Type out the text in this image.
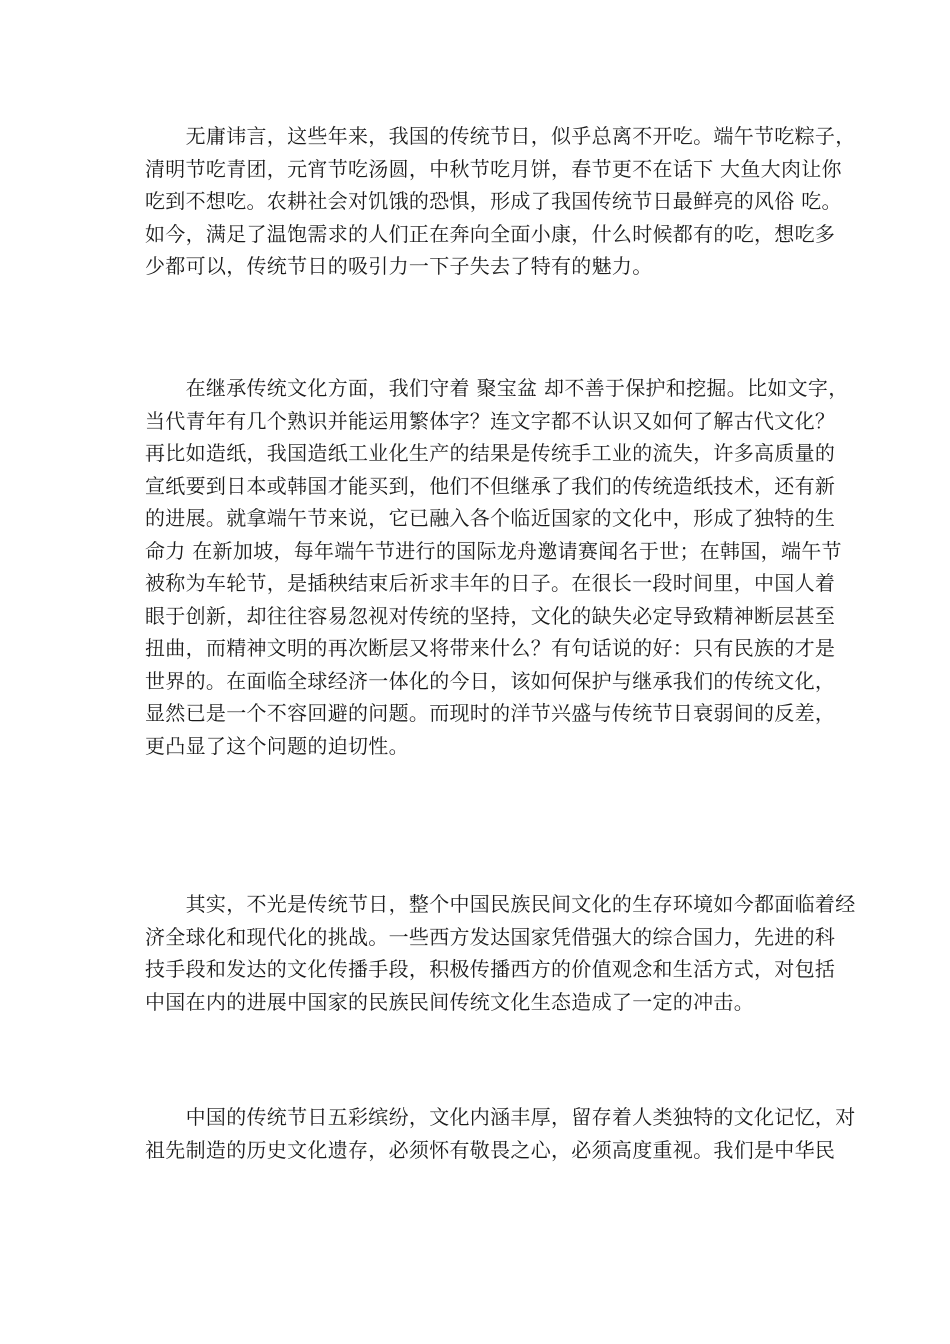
　　无庸讳言，这些年来，我国的传统节日，似乎总离不开吃。端午节吃粽子，
清明节吃青团，元宵节吃汤圆，中秋节吃月饼，春节更不在话下 大鱼大肉让你
吃到不想吃。农耕社会对饥饿的恐惧，形成了我国传统节日最鲜亮的风俗 吃。
如今，满足了温饱需求的人们正在奔向全面小康，什么时候都有的吃，想吃多
少都可以，传统节日的吸引力一下子失去了特有的魅力。

　　在继承传统文化方面，我们守着 聚宝盆 却不善于保护和挖掘。比如文字，
当代青年有几个熟识并能运用繁体字？连文字都不认识又如何了解古代文化？
再比如造纸，我国造纸工业化生产的结果是传统手工业的流失，许多高质量的
宣纸要到日本或韩国才能买到，他们不但继承了我们的传统造纸技术，还有新
的进展。就拿端午节来说，它已融入各个临近国家的文化中，形成了独特的生
命力 在新加坡，每年端午节进行的国际龙舟邀请赛闻名于世；在韩国，端午节
被称为车轮节，是插秧结束后祈求丰年的日子。在很长一段时间里，中国人着
眼于创新，却往往容易忽视对传统的坚持，文化的缺失必定导致精神断层甚至
扭曲，而精神文明的再次断层又将带来什么？有句话说的好：只有民族的才是
世界的。在面临全球经济一体化的今日，该如何保护与继承我们的传统文化，
显然已是一个不容回避的问题。而现时的洋节兴盛与传统节日衰弱间的反差，
更凸显了这个问题的迫切性。

　　其实，不光是传统节日，整个中国民族民间文化的生存环境如今都面临着经
济全球化和现代化的挑战。一些西方发达国家凭借强大的综合国力，先进的科
技手段和发达的文化传播手段，积极传播西方的价值观念和生活方式，对包括
中国在内的进展中国家的民族民间传统文化生态造成了一定的冲击。

　　中国的传统节日五彩缤纷，文化内涵丰厚，留存着人类独特的文化记忆，对
祖先制造的历史文化遗存，必须怀有敬畏之心，必须高度重视。我们是中华民
